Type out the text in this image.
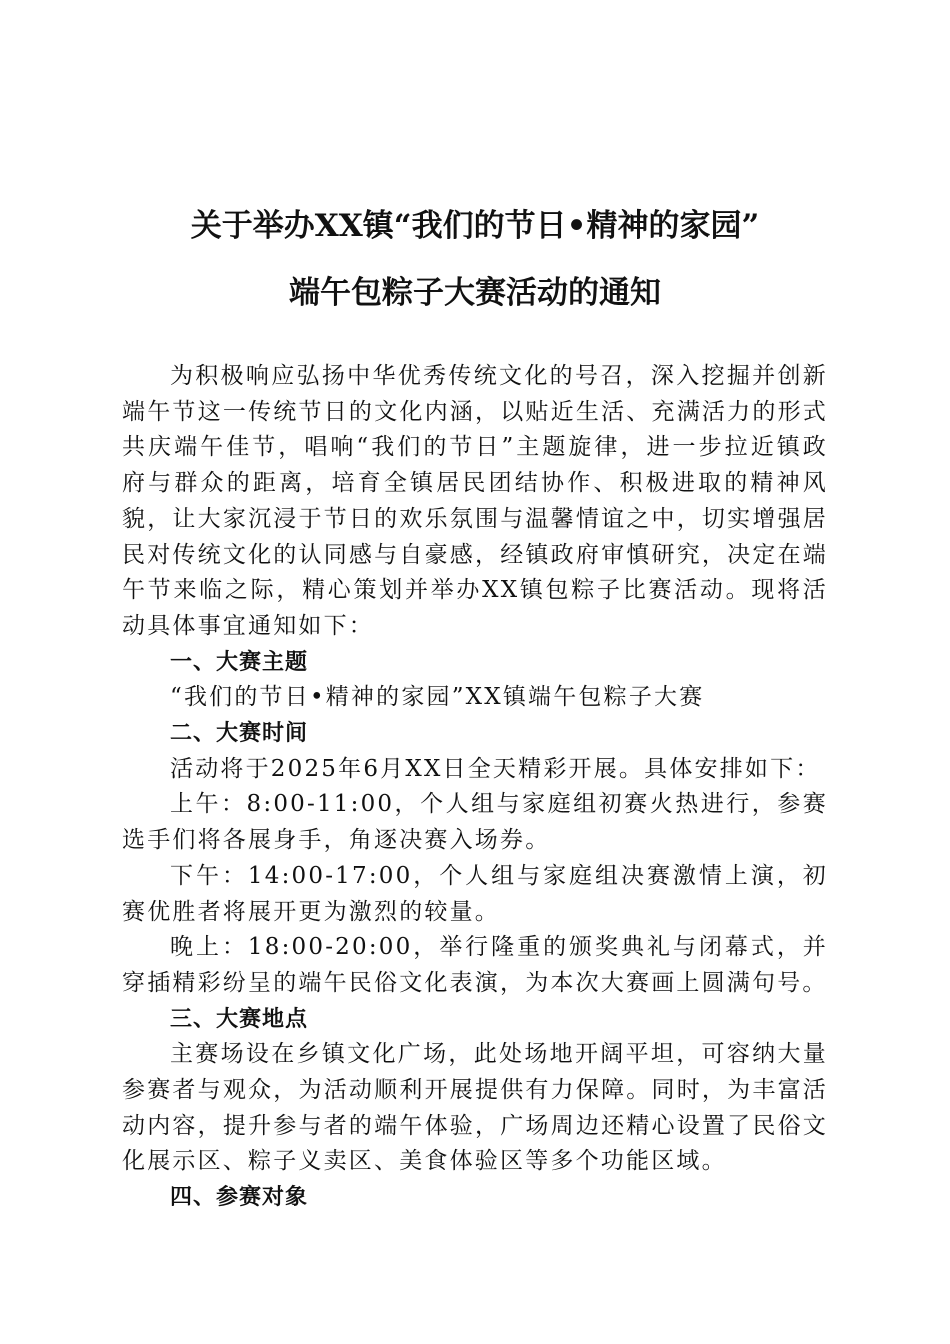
关于举办XX镇“我们的节日•精神的家园”
端午包粽子大赛活动的通知

为积极响应弘扬中华优秀传统文化的号召，深入挖掘并创新端午节这一传统节日的文化内涵，以贴近生活、充满活力的形式共庆端午佳节，唱响“我们的节日”主题旋律，进一步拉近镇政府与群众的距离，培育全镇居民团结协作、积极进取的精神风貌，让大家沉浸于节日的欢乐氛围与温馨情谊之中，切实增强居民对传统文化的认同感与自豪感，经镇政府审慎研究，决定在端午节来临之际，精心策划并举办XX镇包粽子比赛活动。现将活动具体事宜通知如下：

一、大赛主题

“我们的节日•精神的家园”XX镇端午包粽子大赛

二、大赛时间

活动将于2025年6月XX日全天精彩开展。具体安排如下：

上午：8:00-11:00，个人组与家庭组初赛火热进行，参赛选手们将各展身手，角逐决赛入场券。

下午：14:00-17:00，个人组与家庭组决赛激情上演，初赛优胜者将展开更为激烈的较量。

晚上：18:00-20:00，举行隆重的颁奖典礼与闭幕式，并穿插精彩纷呈的端午民俗文化表演，为本次大赛画上圆满句号。

三、大赛地点

主赛场设在乡镇文化广场，此处场地开阔平坦，可容纳大量参赛者与观众，为活动顺利开展提供有力保障。同时，为丰富活动内容，提升参与者的端午体验，广场周边还精心设置了民俗文化展示区、粽子义卖区、美食体验区等多个功能区域。

四、参赛对象
